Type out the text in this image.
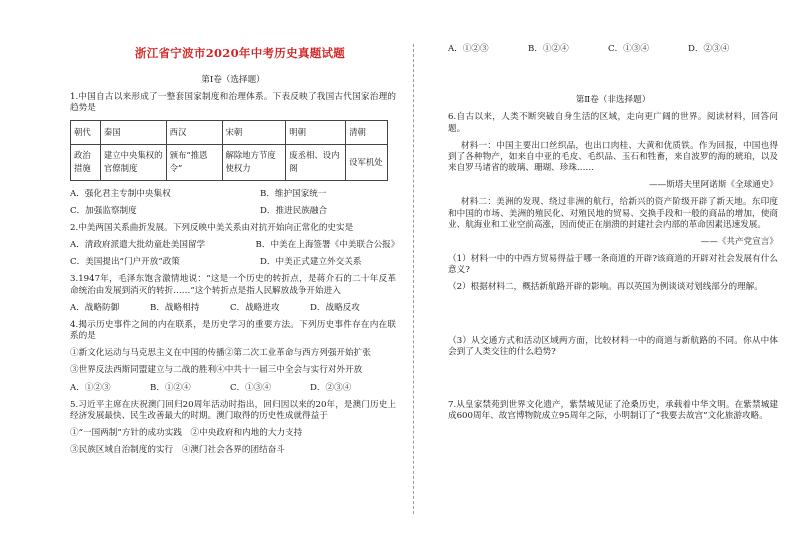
浙江省宁波市2020年中考历史真题试题
第Ⅰ卷（选择题）
1.中国自古以来形成了一整套国家制度和治理体系。下表反映了我国古代国家治理的趋势是
朝代	秦国	西汉	宋朝	明朝	清朝
政治措施	建立中央集权的官僚制度	颁布“推恩令”	解除地方节度使权力	废丞相、设内阁	设军机处
A．强化君主专制中央集权	B．维护国家统一
C．加强监察制度	D．推进民族融合
2.中美两国关系曲折发展。下列反映中美关系由对抗开始向正常化的史实是
A．清政府派遣大批幼童赴美国留学	B．中美在上海签署《中美联合公报》
C．美国提出“门户开放”政策	D．中美正式建立外交关系
3.1947年，毛泽东饱含激情地说：“这是一个历史的转折点，是蒋介石的二十年反革命统治由发展到消灭的转折……”这个转折点是指人民解放战争开始进入
A．战略防御	B．战略相持	C．战略进攻	D．战略反攻
4.揭示历史事件之间的内在联系，是历史学习的重要方法。下列历史事件存在内在联系的是
①新文化运动与马克思主义在中国的传播②第二次工业革命与西方列强开始扩张
③世界反法西斯同盟建立与二战的胜利④中共十一届三中全会与实行对外开放
A．①②③	B．①②④	C．①③④	D．②③④
5.习近平主席在庆祝澳门回归20周年活动时指出，回归因以来的20年，是澳门历史上经济发展最快、民生改善最大的时期。澳门取得的历史性成就得益于
①“一国两制”方针的成功实践　②中央政府和内地的大力支持
③民族区域自治制度的实行　④澳门社会各界的团结奋斗
A．①②③	B．①②④	C．①③④	D．②③④
第Ⅱ卷（非选择题）
6.自古以来，人类不断突破自身生活的区域，走向更广阔的世界。阅读材料，回答问题。
材料一：中国主要出口丝织品，也出口肉桂、大黄和优质铁。作为回报，中国也得到了各种物产，如来自中亚的毛皮、毛织品、玉石和牲畜，来自波罗的海的琥珀，以及来自罗马诸省的玻璃、珊瑚、珍珠……
——斯塔夫里阿诺斯《全球通史》
材料二：美洲的发现、绕过非洲的航行，给新兴的资产阶级开辟了新天地。东印度和中国的市场、美洲的殖民化、对殖民地的贸易、交换手段和一般的商品的增加，使商业、航海业和工业空前高涨，因而使正在崩溃的封建社会内部的革命因素迅速发展。
——《共产党宣言》
（1）材料一中的中西方贸易得益于哪一条商道的开辟?该商道的开辟对社会发展有什么意义?
（2）根据材料二，概括新航路开辟的影响。再以英国为例谈谈对划线部分的理解。
（3）从交通方式和活动区域两方面，比较材料一中的商道与新航路的不同。你从中体会到了人类交往的什么趋势?
7.从皇家禁苑到世界文化遗产，紫禁城见证了沧桑历史，承载着中华文明。在紫禁城建成600周年、故宫博物院成立95周年之际，小明制订了“我要去故宫”文化旅游攻略。
